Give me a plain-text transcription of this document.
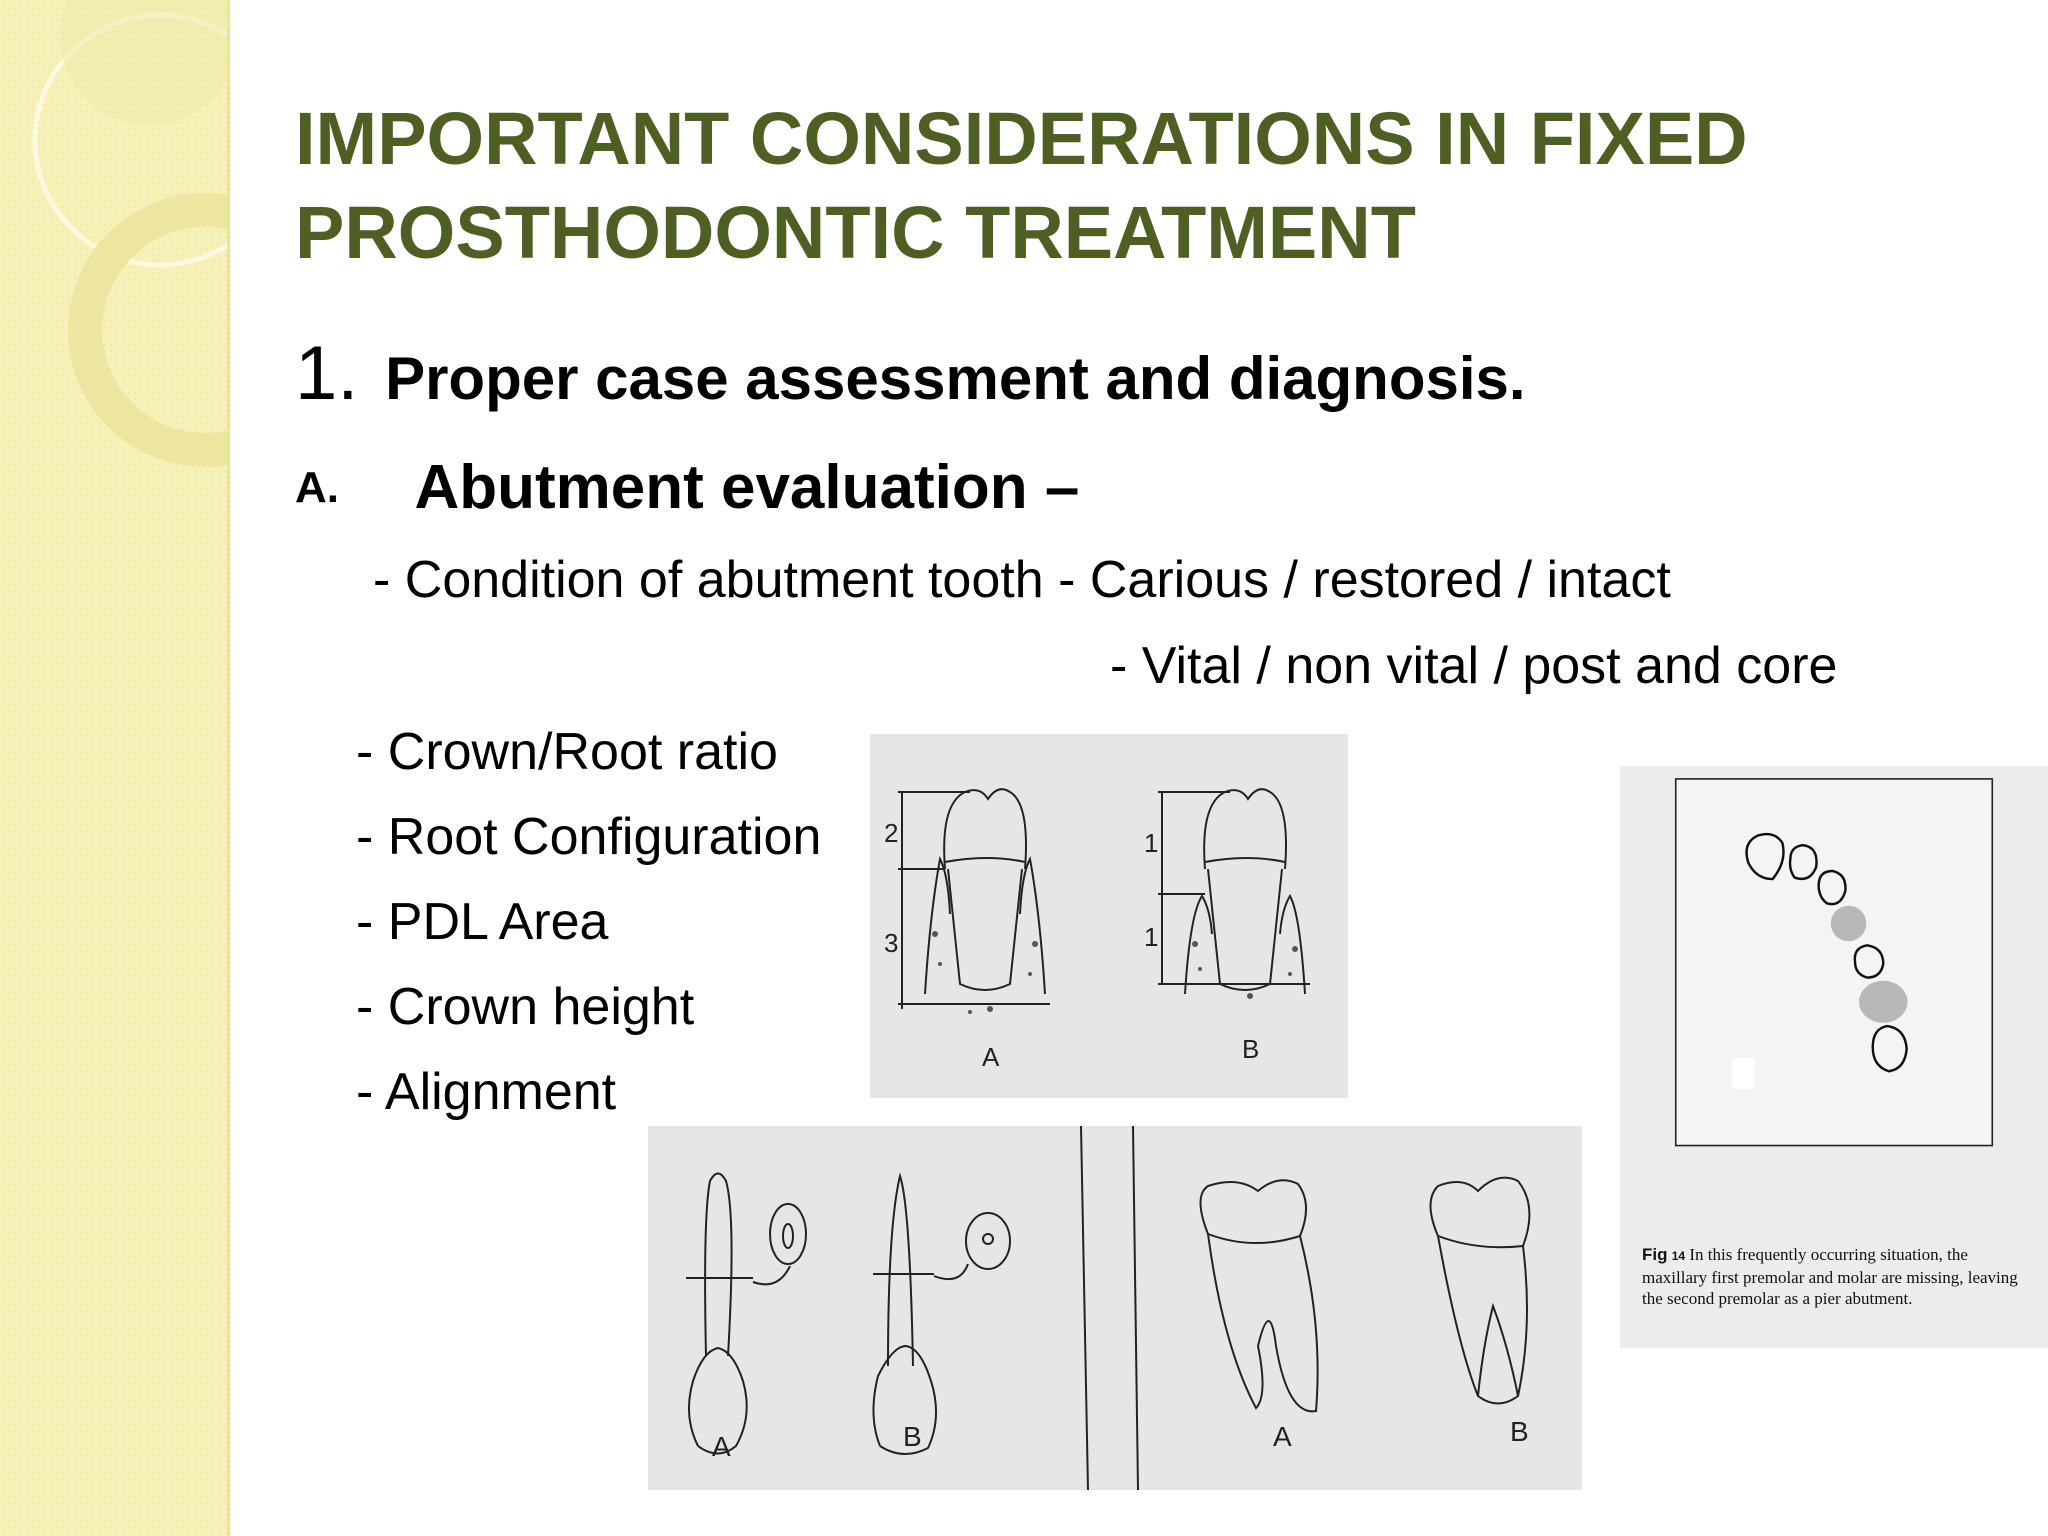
IMPORTANT CONSIDERATIONS IN FIXED
PROSTHODONTIC TREATMENT
1. Proper case assessment and diagnosis.
A. Abutment evaluation –
- Condition of abutment tooth - Carious / restored / intact
- Vital / non vital / post and core
- Crown/Root ratio
- Root Configuration
- PDL Area
- Crown height
- Alignment
2
3
1
1
A	B
A	B	A	B
Fig 14 In this frequently occurring situation, the maxillary first premolar and molar are missing, leaving the second premolar as a pier abutment.
